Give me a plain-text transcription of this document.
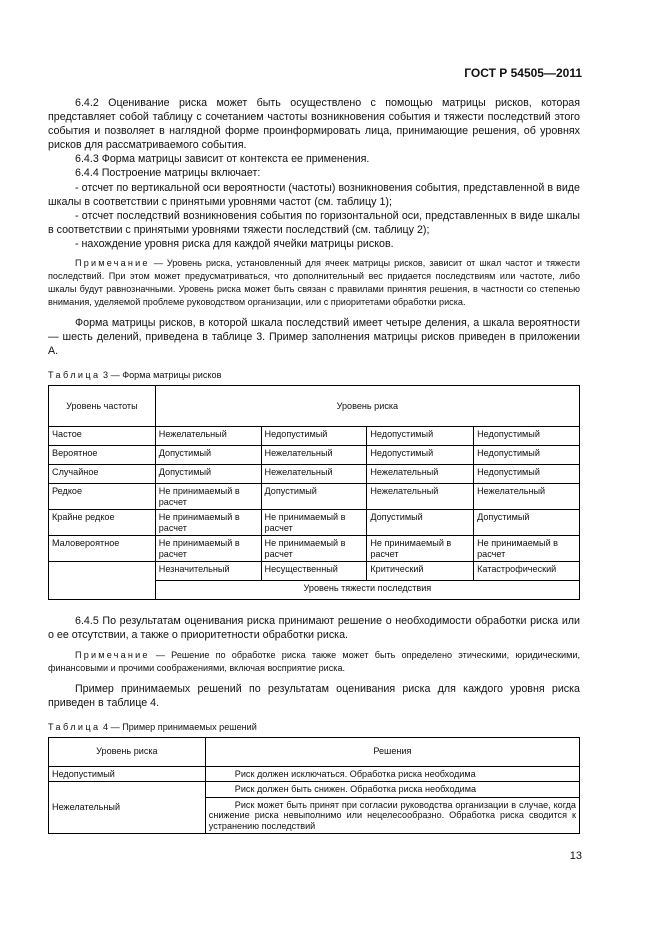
ГОСТ Р 54505—2011

6.4.2 Оценивание риска может быть осуществлено с помощью матрицы рисков, которая представляет собой таблицу с сочетанием частоты возникновения события и тяжести последствий этого события и позволяет в наглядной форме проинформировать лица, принимающие решения, об уровнях рисков для рассматриваемого события.

6.4.3 Форма матрицы зависит от контекста ее применения.

6.4.4 Построение матрицы включает:

- отсчет по вертикальной оси вероятности (частоты) возникновения события, представленной в виде шкалы в соответствии с принятыми уровнями частот (см. таблицу 1);

- отсчет последствий возникновения события по горизонтальной оси, представленных в виде шкалы в соответствии с принятыми уровнями тяжести последствий (см. таблицу 2);

- нахождение уровня риска для каждой ячейки матрицы рисков.

Примечание — Уровень риска, установленный для ячеек матрицы рисков, зависит от шкал частот и тяжести последствий. При этом может предусматриваться, что дополнительный вес придается последствиям или частоте, либо шкалы будут равнозначными. Уровень риска может быть связан с правилами принятия решения, в частности со степенью внимания, уделяемой проблеме руководством организации, или с приоритетами обработки риска.

Форма матрицы рисков, в которой шкала последствий имеет четыре деления, а шкала вероятности — шесть делений, приведена в таблице 3. Пример заполнения матрицы рисков приведен в приложении А.

Таблица 3 — Форма матрицы рисков

Уровень частоты	Уровень риска			
Частое	Нежелательный	Недопустимый	Недопустимый	Недопустимый
Вероятное	Допустимый	Нежелательный	Недопустимый	Недопустимый
Случайное	Допустимый	Нежелательный	Нежелательный	Недопустимый
Редкое	Не принимаемый в расчет	Допустимый	Нежелательный	Нежелательный
Крайне редкое	Не принимаемый в расчет	Не принимаемый в расчет	Допустимый	Допустимый
Маловероятное	Не принимаемый в расчет	Не принимаемый в расчет	Не принимаемый в расчет	Не принимаемый в расчет
	Незначительный	Несущественный	Критический	Катастрофический
	Уровень тяжести последствия			

6.4.5 По результатам оценивания риска принимают решение о необходимости обработки риска или о ее отсутствии, а также о приоритетности обработки риска.

Примечание — Решение по обработке риска также может быть определено этическими, юридическими, финансовыми и прочими соображениями, включая восприятие риска.

Пример принимаемых решений по результатам оценивания риска для каждого уровня риска приведен в таблице 4.

Таблица 4 — Пример принимаемых решений

Уровень риска	Решения
Недопустимый	Риск должен исключаться. Обработка риска необходима
Нежелательный	Риск должен быть снижен. Обработка риска необходима
	Риск может быть принят при согласии руководства организации в случае, когда снижение риска невыполнимо или нецелесообразно. Обработка риска сводится к устранению последствий
13
